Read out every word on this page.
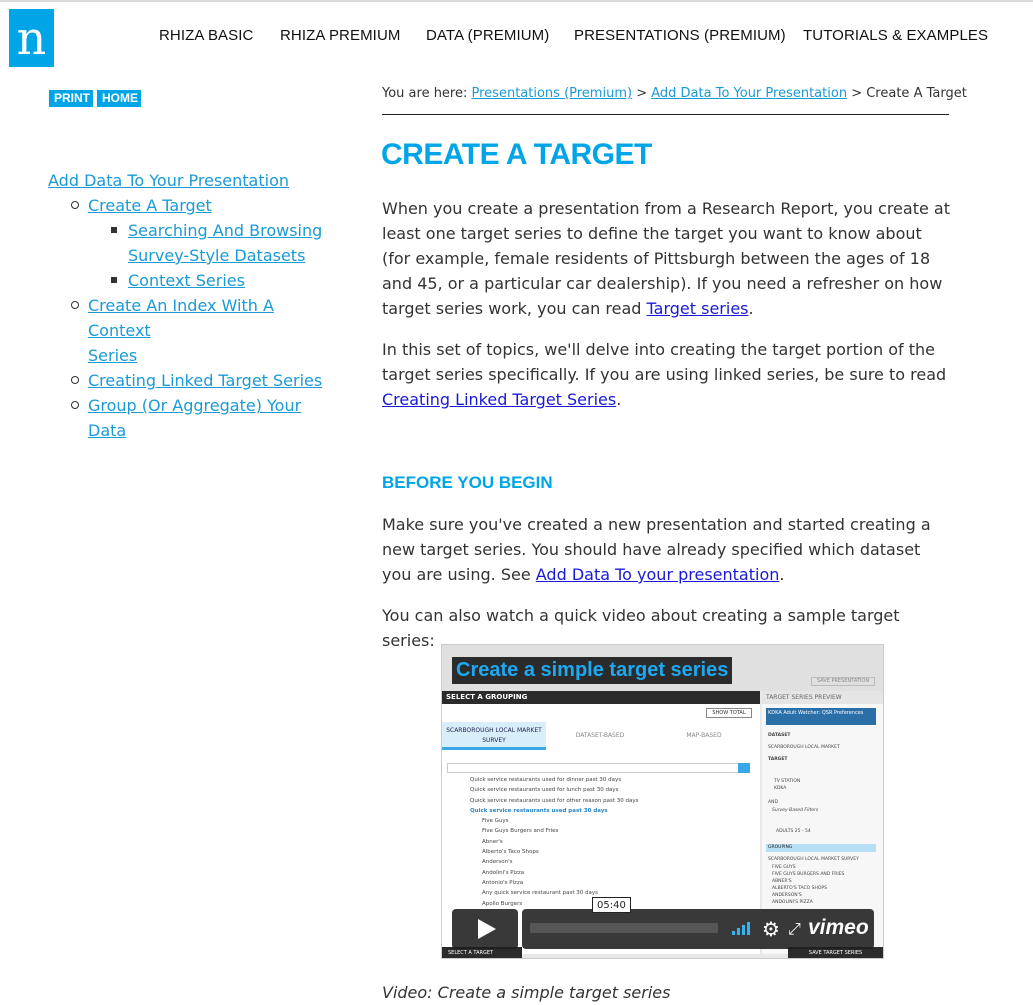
n	RHIZA BASIC RHIZA PREMIUM DATA (PREMIUM) PRESENTATIONS (PREMIUM) TUTORIALS & EXAMPLES
PRINT	HOME
Add Data To Your Presentation
Create A Target
Searching And Browsing
Survey-Style Datasets
Context Series
Create An Index With A Context
Series
Creating Linked Target Series
Group (Or Aggregate) Your Data
You are here: Presentations (Premium) > Add Data To Your Presentation > Create A Target
CREATE A TARGET
When you create a presentation from a Research Report, you create at least one target series to define the target you want to know about (for example, female residents of Pittsburgh between the ages of 18 and 45, or a particular car dealership). If you need a refresher on how target series work, you can read Target series.
In this set of topics, we'll delve into creating the target portion of the target series specifically. If you are using linked series, be sure to read Creating Linked Target Series.
BEFORE YOU BEGIN
Make sure you've created a new presentation and started creating a new target series. You should have already specified which dataset you are using. See Add Data To your presentation.
You can also watch a quick video about creating a sample target series:
SAVE PRESENTATION
Create a simple target series
SELECT A GROUPING	TARGET SERIES PREVIEW
SHOW TOTAL
SCARBOROUGH LOCAL MARKET SURVEY
DATASET-BASED	MAP-BASED
Quick service restaurants used for dinner past 30 days
Quick service restaurants used for lunch past 30 days
Quick service restaurants used for other reason past 30 days
Quick service restaurants used past 30 days
Five Guys
Five Guys Burgers and Fries
Abner's
Alberto's Taco Shops
Anderson's
Andolini's Pizza
Antonio's Pizza
Any quick service restaurant past 30 days
Apollo Burgers
KDKA Adult Watcher: QSR Preferences
DATASET
SCARBOROUGH LOCAL MARKET
TARGET
TV STATION
KDKA
AND
Survey-Based Filters
ADULTS 25 - 54
GROUPING
SCARBOROUGH LOCAL MARKET SURVEY
FIVE GUYS
FIVE GUYS BURGERS AND FRIES
ABNER'S
ALBERTO'S TACO SHOPS
ANDERSON'S
ANDOLINI'S PIZZA
SELECT A TARGET	SAVE TARGET SERIES
05:40
⚙ ⤢ vimeo
Video: Create a simple target series
